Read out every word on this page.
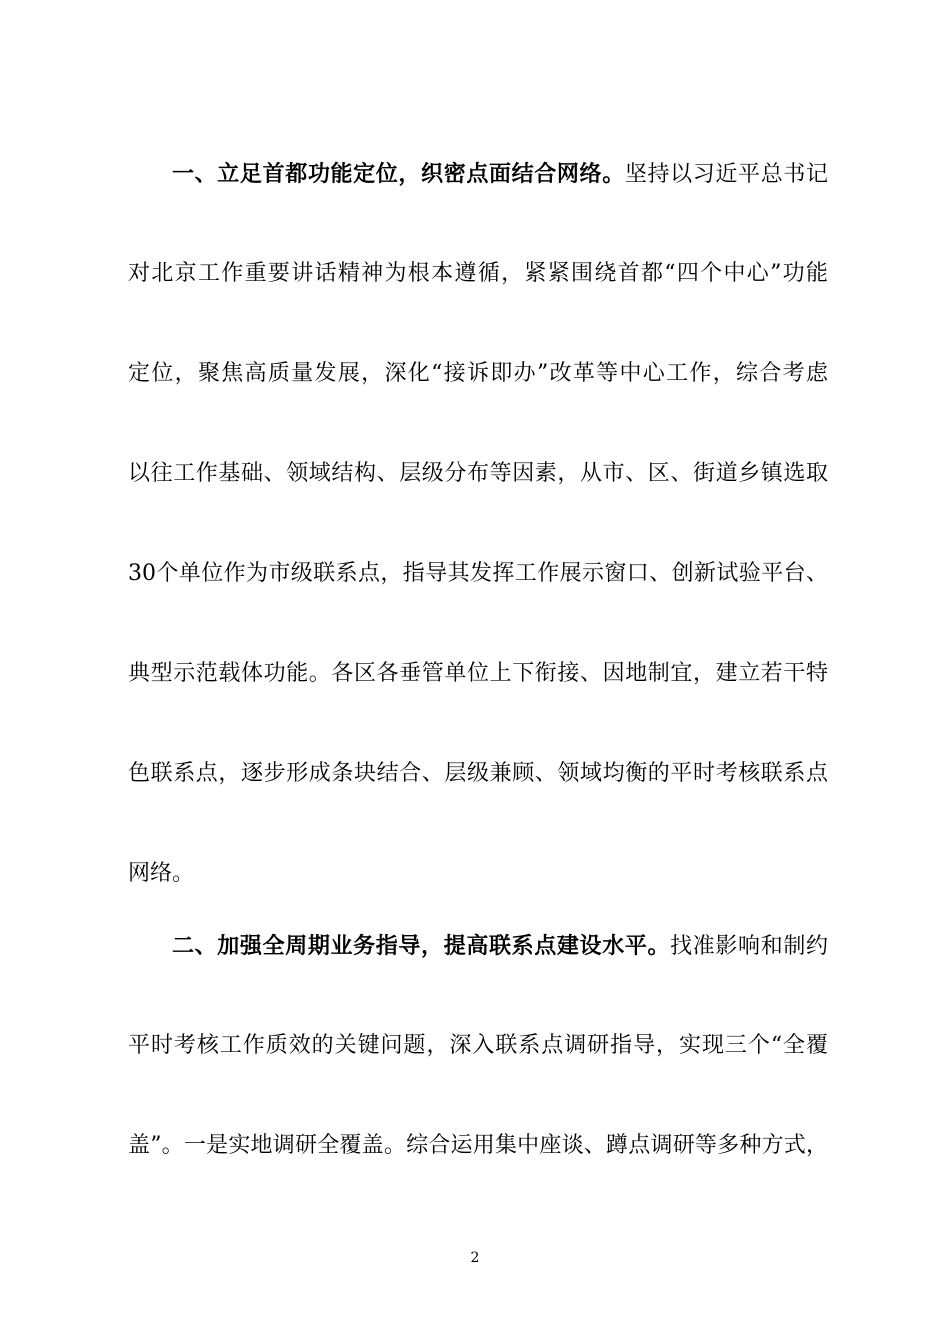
一、立足首都功能定位，织密点面结合网络。坚持以习近平总书记
对北京工作重要讲话精神为根本遵循，紧紧围绕首都“四个中心”功能
定位，聚焦高质量发展，深化“接诉即办”改革等中心工作，综合考虑
以往工作基础、领域结构、层级分布等因素，从市、区、街道乡镇选取
30个单位作为市级联系点，指导其发挥工作展示窗口、创新试验平台、
典型示范载体功能。各区各垂管单位上下衔接、因地制宜，建立若干特
色联系点，逐步形成条块结合、层级兼顾、领域均衡的平时考核联系点
网络。
二、加强全周期业务指导，提高联系点建设水平。找准影响和制约
平时考核工作质效的关键问题，深入联系点调研指导，实现三个“全覆
盖”。一是实地调研全覆盖。综合运用集中座谈、蹲点调研等多种方式，
2
